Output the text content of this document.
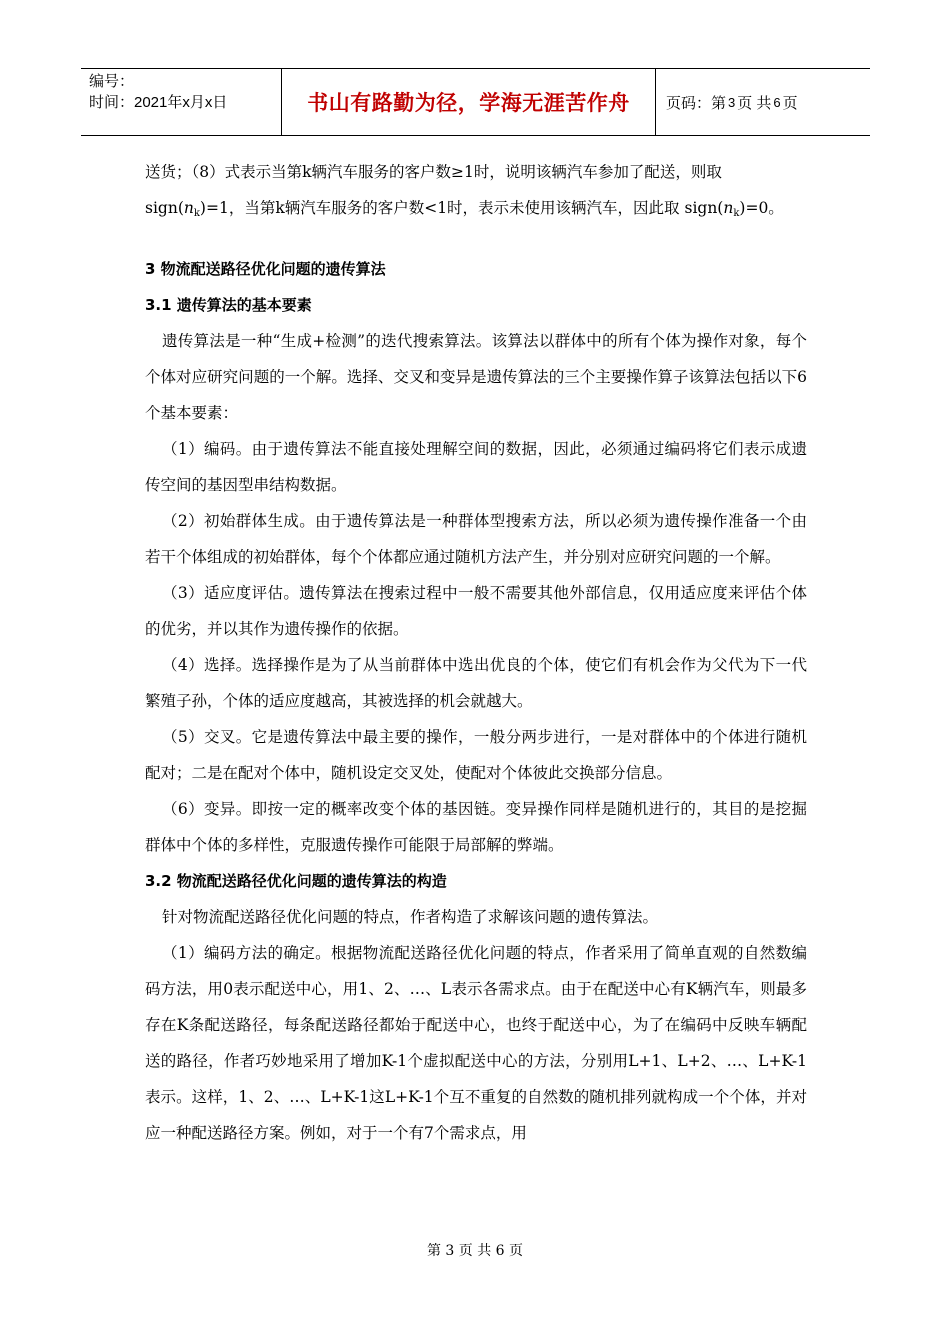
编号：
时间：2021年x月x日	书山有路勤为径，学海无涯苦作舟 页码：第 3 页 共 6 页

送货；（8）式表示当第k辆汽车服务的客户数≥1时，说明该辆汽车参加了配送，则取
$sign(n_k)=1$，当第k辆汽车服务的客户数<1时，表示未使用该辆汽车，因此取 $sign(n_k)=0$。

3 物流配送路径优化问题的遗传算法
3.1 遗传算法的基本要素

遗传算法是一种“生成+检测”的迭代搜索算法。该算法以群体中的所有个体为操作对象，每个个体对应研究问题的一个解。选择、交叉和变异是遗传算法的三个主要操作算子该算法包括以下6个基本要素：

（1）编码。由于遗传算法不能直接处理解空间的数据，因此，必须通过编码将它们表示成遗传空间的基因型串结构数据。

（2）初始群体生成。由于遗传算法是一种群体型搜索方法，所以必须为遗传操作准备一个由若干个体组成的初始群体，每个个体都应通过随机方法产生，并分别对应研究问题的一个解。

（3）适应度评估。遗传算法在搜索过程中一般不需要其他外部信息，仅用适应度来评估个体的优劣，并以其作为遗传操作的依据。

（4）选择。选择操作是为了从当前群体中选出优良的个体，使它们有机会作为父代为下一代繁殖子孙，个体的适应度越高，其被选择的机会就越大。

（5）交叉。它是遗传算法中最主要的操作，一般分两步进行，一是对群体中的个体进行随机配对；二是在配对个体中，随机设定交叉处，使配对个体彼此交换部分信息。

（6）变异。即按一定的概率改变个体的基因链。变异操作同样是随机进行的，其目的是挖掘群体中个体的多样性，克服遗传操作可能限于局部解的弊端。

3.2 物流配送路径优化问题的遗传算法的构造

针对物流配送路径优化问题的特点，作者构造了求解该问题的遗传算法。

（1）编码方法的确定。根据物流配送路径优化问题的特点，作者采用了简单直观的自然数编码方法，用0表示配送中心，用1、2、…、L表示各需求点。由于在配送中心有K辆汽车，则最多存在K条配送路径，每条配送路径都始于配送中心，也终于配送中心，为了在编码中反映车辆配送的路径，作者巧妙地采用了增加K-1个虚拟配送中心的方法，分别用L+1、L+2、…、L+K-1表示。这样，1、2、…、L+K-1这L+K-1个互不重复的自然数的随机排列就构成一个个体，并对应一种配送路径方案。例如，对于一个有7个需求点，用

第 3 页 共 6 页
